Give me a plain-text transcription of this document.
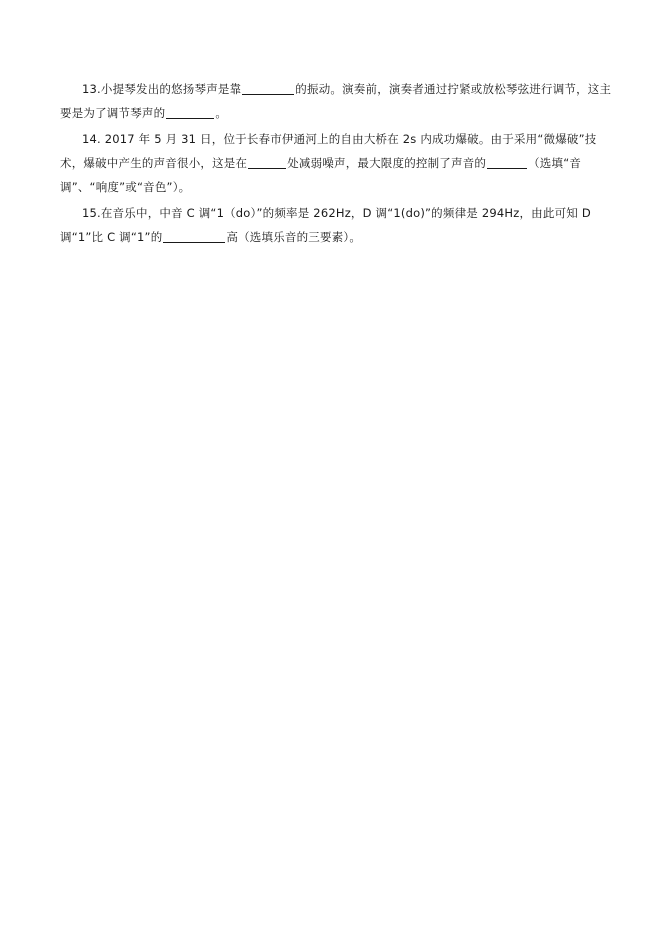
13.小提琴发出的悠扬琴声是靠	的振动。演奏前，演奏者通过拧紧或放松琴弦进行调节，这主要是为了调节琴声的	。
14. 2017 年 5 月 31 日，位于长春市伊通河上的自由大桥在 2s 内成功爆破。由于采用“微爆破”技术，爆破中产生的声音很小，这是在	处减弱噪声，最大限度的控制了声音的	（选填“音调”、“响度”或“音色”）。
15.在音乐中，中音 C 调“1（do）”的频率是 262Hz，D 调“1(do)”的频律是 294Hz，由此可知 D 调“1”比 C 调“1”的	高（选填乐音的三要素）。
